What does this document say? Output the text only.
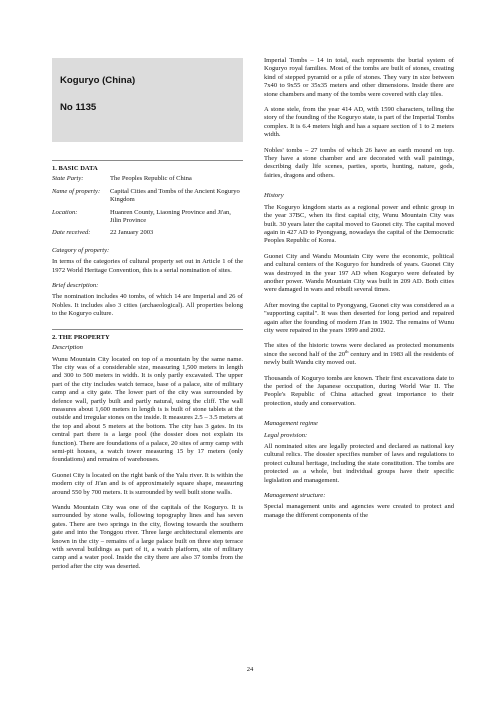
Koguryo (China)
No 1135
1. BASIC DATA
State Party:	The Peoples Republic of China
Name of property:	Capital Cities and Tombs of the Ancient Koguryo Kingdom
Location:	Huanren County, Liaoning Province and Ji'an, Jilin Province
Date received:	22 January 2003
Category of property:

In terms of the categories of cultural property set out in Article 1 of the 1972 World Heritage Convention, this is a serial nomination of sites.

Brief description:

The nomination includes 40 tombs, of which 14 are Imperial and 26 of Nobles. It includes also 3 cities (archaeological). All properties belong to the Koguryo culture.

2. THE PROPERTY
Description

Wunu Mountain City located on top of a mountain by the same name. The city was of a considerable size, measuring 1,500 meters in length and 300 to 500 meters in width. It is only partly excavated. The upper part of the city includes watch terrace, base of a palace, site of military camp and a city gate. The lower part of the city was surrounded by defence wall, partly built and partly natural, using the cliff. The wall measures about 1,600 meters in length is is built of stone tablets at the outside and irregular stones on the inside. It measures 2.5 – 3.5 meters at the top and about 5 meters at the bottom. The city has 3 gates. In its central part there is a large pool (the dossier does not explain its function). There are foundations of a palace, 20 sites of army camp with semi-pit houses, a watch tower measuring 15 by 17 meters (only foundations) and remains of warehouses.

Guonei City is located on the right bank of the Yalu river. It is within the modern city of Ji'an and is of approximately square shape, measuring around 550 by 700 meters. It is surrounded by well built stone walls.

Wandu Mountain City was one of the capitals of the Koguryo. It is surrounded by stone walls, following topography lines and has seven gates. There are two springs in the city, flowing towards the southern gate and into the Tonggou river. Three large architectural elements are known in the city – remains of a large palace built on three step terrace with several buildings as part of it, a watch platform, site of military camp and a water pool. Inside the city there are also 37 tombs from the period after the city was deserted.

Imperial Tombs – 14 in total, each represents the burial system of Koguryo royal families. Most of the tombs are built of stones, creating kind of stepped pyramid or a pile of stones. They vary in size between 7x40 to 9x55 or 35x35 meters and other dimensions. Inside there are stone chambers and many of the tombs were covered with clay tiles.

A stone stele, from the year 414 AD, with 1590 characters, telling the story of the founding of the Koguryo state, is part of the Imperial Tombs complex. It is 6.4 meters high and has a square section of 1 to 2 meters width.

Nobles' tombs – 27 tombs of which 26 have an earth mound on top. They have a stone chamber and are decorated with wall paintings, describing daily life scenes, parties, sports, hunting, nature, gods, fairies, dragons and others.

History

The Koguryo kingdom starts as a regional power and ethnic group in the year 37BC, when its first capital city, Wunu Mountain City was built. 30 years later the capital moved to Guonei city. The capital moved again in 427 AD to Pyongyang, nowadays the capital of the Democratic Peoples Republic of Korea.

Guonei City and Wandu Mountain City were the economic, political and cultural centers of the Koguryo for hundreds of years. Guonei City was destroyed in the year 197 AD when Koguryo were defeated by another power. Wandu Mountain City was built in 209 AD. Both cities were damaged in wars and rebuilt several times.

After moving the capital to Pyongyang, Guonei city was considered as a "supporting capital". It was then deserted for long period and repaired again after the founding of modern Ji'an in 1902. The remains of Wunu city were repaired in the years 1999 and 2002.

The sites of the historic towns were declared as protected monuments since the second half of the 20th century and in 1983 all the residents of newly built Wandu city moved out.

Thousands of Koguryo tombs are known. Their first excavations date to the period of the Japanese occupation, during World War II. The People's Republic of China attached great importance to their protection, study and conservation.

Management regime
Legal provision:

All nominated sites are legally protected and declared as national key cultural relics. The dossier specifies number of laws and regulations to protect cultural heritage, including the state constitution. The tombs are protected as a whole, but individual groups have their specific legislation and management.

Management structure:

Special management units and agencies were created to protect and manage the different components of the

24
